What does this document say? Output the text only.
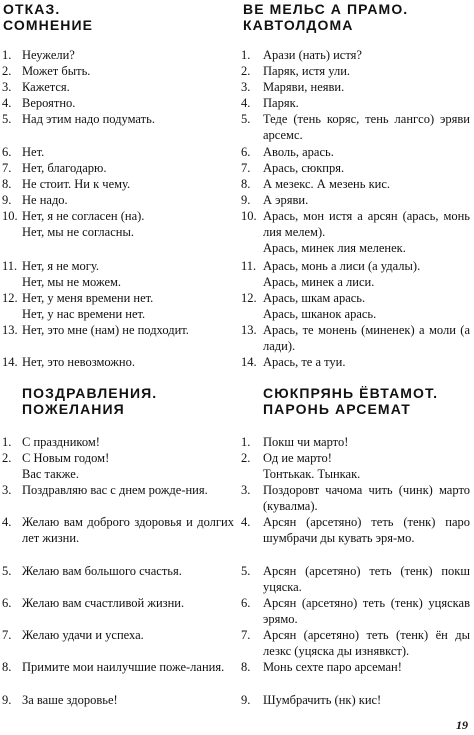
ОТКАЗ.
СОМНЕНИЕ
ВЕ МЕЛЬС А ПРАМО.
КАВТОЛДОМА
ПОЗДРАВЛЕНИЯ.
ПОЖЕЛАНИЯ
СЮКПРЯНЬ ЁВТАМОТ.
ПАРОНЬ АРСЕМАТ
1. Неужели?

2. Может быть.

3. Кажется.

4. Вероятно.

5. Над этим надо подумать.

6. Нет.

7. Нет, благодарю.

8. Не стоит. Ни к чему.

9. Не надо.

10. Нет, я не согласен (на).

Нет, мы не согласны.

11. Нет, я не могу.

Нет, мы не можем.

12. Нет, у меня времени нет.

Нет, у нас времени нет.

13. Нет, это мне (нам) не подходит.

14. Нет, это невозможно.

1. С праздником!

2. С Новым годом!

Вас также.

3. Поздравляю вас с днем рожде-ния.

4. Желаю вам доброго здоровья и долгих лет жизни.

5. Желаю вам большого счастья.

6. Желаю вам счастливой жизни.

7. Желаю удачи и успеха.

8. Примите мои наилучшие поже-лания.

9. За ваше здоровье!

1. Арази (нать) истя?

2. Паряк, истя ули.

3. Маряви, неяви.

4. Паряк.

5. Теде (тень коряс, тень лангсо) эряви арсемс.

6. Аволь, арась.

7. Арась, сюкпря.

8. А мезекс. А мезень кис.

9. А эряви.

10. Арась, мон истя а арсян (арась, монь лия мелем).

Арась, минек лия меленек.

11. Арась, монь а лиси (а удалы).

Арась, минек а лиси.

12. Арась, шкам арась.

Арась, шканок арась.

13. Арась, те монень (миненек) а моли (а лади).

14. Арась, те а туи.

1. Покш чи марто!

2. Од ие марто!

Тонтькак. Тынкак.

3. Поздоровт чачома чить (чинк) марто (кувалма).

4. Арсян (арсетяно) теть (тенк) паро шумбрачи ды кувать эря-мо.

5. Арсян (арсетяно) теть (тенк) покш уцяска.

6. Арсян (арсетяно) теть (тенк) уцяскав эрямо.

7. Арсян (арсетяно) теть (тенк) ён ды лезкс (уцяска ды изнявкст).

8. Монь сехте паро арсеман!

9. Шумбрачить (нк) кис!

19
